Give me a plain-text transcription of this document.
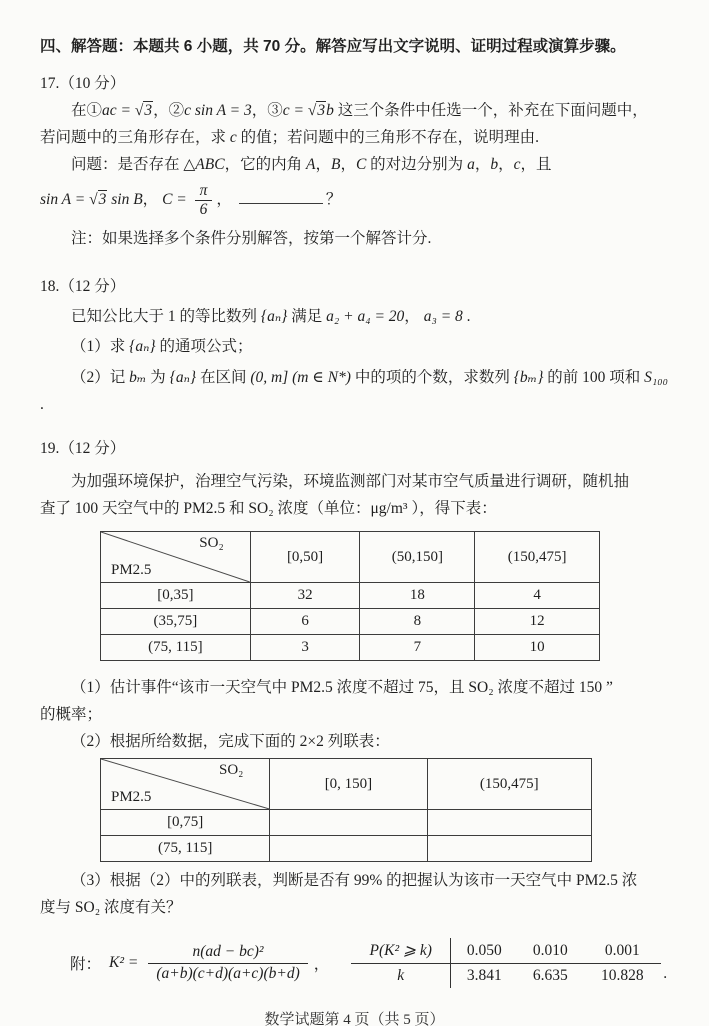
四、解答题：本题共 6 小题，共 70 分。解答应写出文字说明、证明过程或演算步骤。

17.（10 分）

在①ac = √3，②c sin A = 3，③c = √3b 这三个条件中任选一个，补充在下面问题中，

若问题中的三角形存在，求 c 的值；若问题中的三角形不存在，说明理由.

问题：是否存在 △ABC，它的内角 A，B，C 的对边分别为 a，b，c，且

sin A = √3 sin B， $C = \frac{\pi}{6}$ ，	？

注：如果选择多个条件分别解答，按第一个解答计分.

18.（12 分）

已知公比大于 1 的等比数列 {aₙ} 满足 a₂ + a₄ = 20， a₃ = 8 .

（1）求 {aₙ} 的通项公式；

（2）记 bₘ 为 {aₙ} 在区间 (0, m] (m ∈ N*) 中的项的个数，求数列 {bₘ} 的前 100 项和 S₁₀₀ .

19.（12 分）

为加强环境保护，治理空气污染，环境监测部门对某市空气质量进行调研，随机抽

查了 100 天空气中的 PM2.5 和 SO₂ 浓度（单位：μg/m³ ），得下表：

SO₂
PM2.5	[0,50]	(50,150]	(150,475]
[0,35]	32	18	4
(35,75]	6	8	12
(75, 115]	3	7	10

（1）估计事件“该市一天空气中 PM2.5 浓度不超过 75，且 SO₂ 浓度不超过 150 ”

的概率；

（2）根据所给数据，完成下面的 2×2 列联表：

SO₂
PM2.5	[0, 150]	(150,475]
[0,75]		
(75, 115]		

（3）根据（2）中的列联表，判断是否有 99% 的把握认为该市一天空气中 PM2.5 浓

度与 SO₂ 浓度有关？

附： $K^2 = \frac{\text{n(ad − bc)²}}{(a+b)(c+d)(a+c)(b+d)}$ ，
P(K² ⩾ k)	0.050	0.010	0.001
k	3.841	6.635	10.828	.

数学试题第 4 页（共 5 页）
